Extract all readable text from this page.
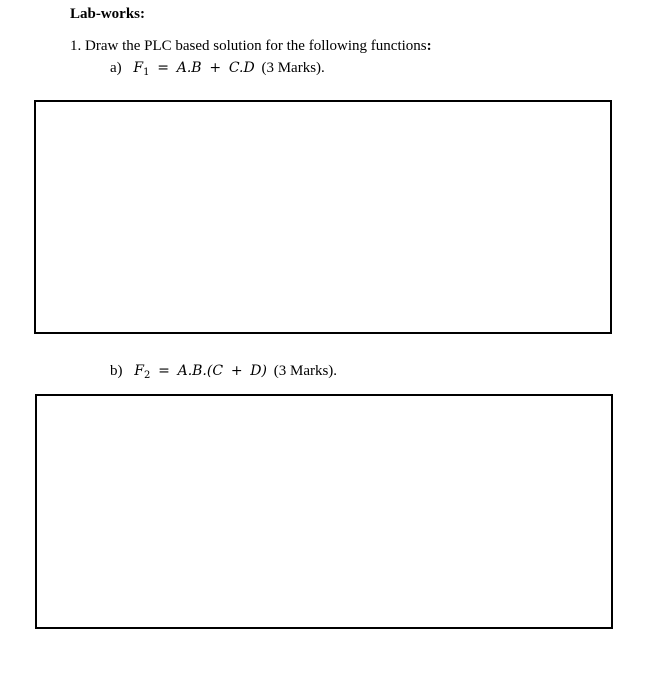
Lab-works:
1. Draw the PLC based solution for the following functions:
a) $F_1 = A.B + C.D$ (3 Marks).
b) $F_2 = A.B.(C + D)$ (3 Marks).
